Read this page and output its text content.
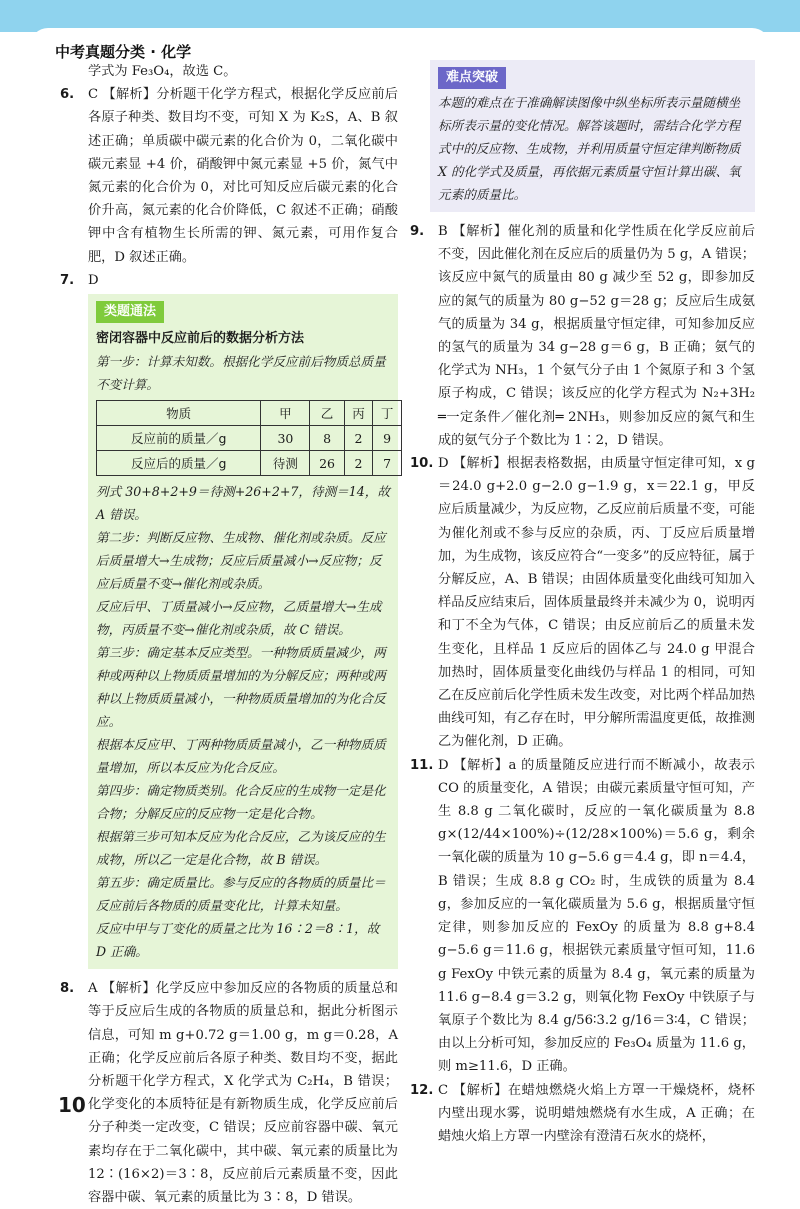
中考真题分类 · 化学

学式为 Fe₃O₄，故选 C。

6. C 【解析】分析题干化学方程式，根据化学反应前后各原子种类、数目均不变，可知 X 为 K₂S，A、B 叙述正确；单质碳中碳元素的化合价为 0，二氧化碳中碳元素显 +4 价，硝酸钾中氮元素显 +5 价，氮气中氮元素的化合价为 0，对比可知反应后碳元素的化合价升高，氮元素的化合价降低，C 叙述不正确；硝酸钾中含有植物生长所需的钾、氮元素，可用作复合肥，D 叙述正确。
7. D
类题通法
密闭容器中反应前后的数据分析方法
第一步：计算未知数。根据化学反应前后物质总质量不变计算。
物质	甲	乙	丙	丁
反应前的质量／g	30	8	2	9
反应后的质量／g	待测	26	2	7
列式 30+8+2+9＝待测+26+2+7，待测＝14，故 A 错误。
第二步：判断反应物、生成物、催化剂或杂质。反应后质量增大→生成物；反应后质量减小→反应物；反应后质量不变→催化剂或杂质。
反应后甲、丁质量减小→反应物，乙质量增大→生成物，丙质量不变→催化剂或杂质，故 C 错误。
第三步：确定基本反应类型。一种物质质量减少，两种或两种以上物质质量增加的为分解反应；两种或两种以上物质质量减小，一种物质质量增加的为化合反应。
根据本反应甲、丁两种物质质量减小，乙一种物质质量增加，所以本反应为化合反应。
第四步：确定物质类别。化合反应的生成物一定是化合物；分解反应的反应物一定是化合物。
根据第三步可知本反应为化合反应，乙为该反应的生成物，所以乙一定是化合物，故 B 错误。
第五步：确定质量比。参与反应的各物质的质量比＝反应前后各物质的质量变化比，计算未知量。
反应中甲与丁变化的质量之比为 16∶2＝8∶1，故 D 正确。
8. A 【解析】化学反应中参加反应的各物质的质量总和等于反应后生成的各物质的质量总和，据此分析图示信息，可知 m g+0.72 g＝1.00 g，m g＝0.28，A 正确；化学反应前后各原子种类、数目均不变，据此分析题干化学方程式，X 化学式为 C₂H₄，B 错误；化学变化的本质特征是有新物质生成，化学反应前后分子种类一定改变，C 错误；反应前容器中碳、氧元素均存在于二氧化碳中，其中碳、氧元素的质量比为 12∶(16×2)＝3∶8，反应前后元素质量不变，因此容器中碳、氧元素的质量比为 3∶8，D 错误。
难点突破
本题的难点在于准确解读图像中纵坐标所表示量随横坐标所表示量的变化情况。解答该题时，需结合化学方程式中的反应物、生成物，并利用质量守恒定律判断物质 X 的化学式及质量，再依据元素质量守恒计算出碳、氧元素的质量比。
9. B 【解析】催化剂的质量和化学性质在化学反应前后不变，因此催化剂在反应后的质量仍为 5 g，A 错误；该反应中氮气的质量由 80 g 减少至 52 g，即参加反应的氮气的质量为 80 g−52 g＝28 g；反应后生成氨气的质量为 34 g，根据质量守恒定律，可知参加反应的氢气的质量为 34 g−28 g＝6 g，B 正确；氨气的化学式为 NH₃，1 个氨气分子由 1 个氮原子和 3 个氢原子构成，C 错误；该反应的化学方程式为 N₂+3H₂ ═一定条件／催化剂═ 2NH₃，则参加反应的氮气和生成的氨气分子个数比为 1∶2，D 错误。
10. D 【解析】根据表格数据，由质量守恒定律可知，x g＝24.0 g+2.0 g−2.0 g−1.9 g，x＝22.1 g，甲反应后质量减少，为反应物，乙反应前后质量不变，可能为催化剂或不参与反应的杂质，丙、丁反应后质量增加，为生成物，该反应符合“一变多”的反应特征，属于分解反应，A、B 错误；由固体质量变化曲线可知加入样品反应结束后，固体质量最终并未减少为 0，说明丙和丁不全为气体，C 错误；由反应前后乙的质量未发生变化，且样品 1 反应后的固体乙与 24.0 g 甲混合加热时，固体质量变化曲线仍与样品 1 的相同，可知乙在反应前后化学性质未发生改变，对比两个样品加热曲线可知，有乙存在时，甲分解所需温度更低，故推测乙为催化剂，D 正确。
11. D 【解析】a 的质量随反应进行而不断减小，故表示 CO 的质量变化，A 错误；由碳元素质量守恒可知，产生 8.8 g 二氧化碳时，反应的一氧化碳质量为 8.8 g×(12/44×100%)÷(12/28×100%)＝5.6 g，剩余一氧化碳的质量为 10 g−5.6 g＝4.4 g，即 n＝4.4，B 错误；生成 8.8 g CO₂ 时，生成铁的质量为 8.4 g，参加反应的一氧化碳质量为 5.6 g，根据质量守恒定律，则参加反应的 FexOy 的质量为 8.8 g+8.4 g−5.6 g＝11.6 g，根据铁元素质量守恒可知，11.6 g FexOy 中铁元素的质量为 8.4 g，氧元素的质量为 11.6 g−8.4 g＝3.2 g，则氧化物 FexOy 中铁原子与氧原子个数比为 8.4 g/56∶3.2 g/16＝3∶4，C 错误；由以上分析可知，参加反应的 Fe₃O₄ 质量为 11.6 g，则 m≥11.6，D 正确。
12. C 【解析】在蜡烛燃烧火焰上方罩一干燥烧杯，烧杯内壁出现水雾，说明蜡烛燃烧有水生成，A 正确；在蜡烛火焰上方罩一内壁涂有澄清石灰水的烧杯，
10
